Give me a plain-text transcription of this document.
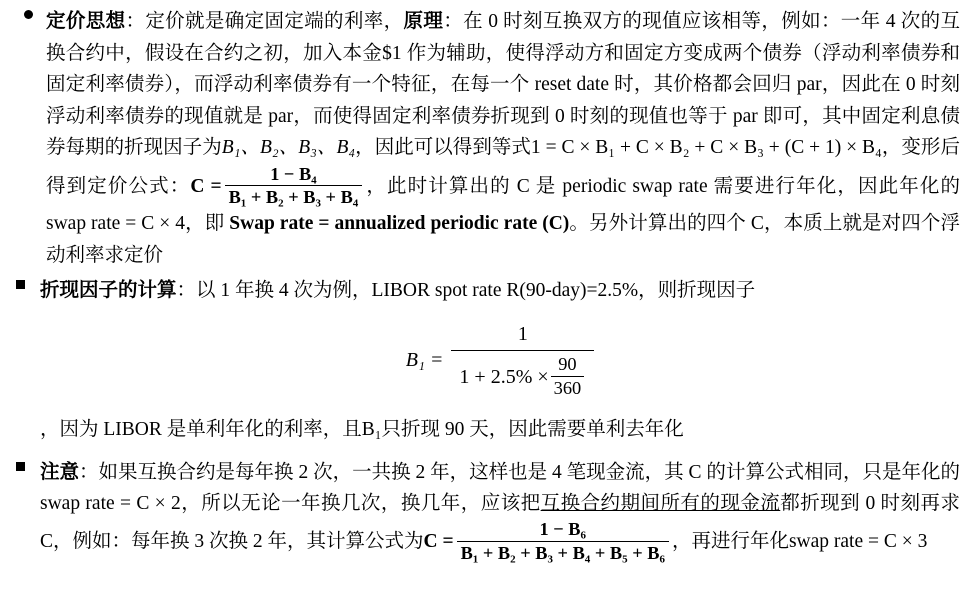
定价思想：定价就是确定固定端的利率，原理：在 0 时刻互换双方的现值应该相等，例如：一年 4 次的互换合约中，假设在合约之初，加入本金$1 作为辅助，使得浮动方和固定方变成两个债券（浮动利率债券和固定利率债券），而浮动利率债券有一个特征，在每一个 reset date 时，其价格都会回归 par，因此在 0 时刻浮动利率债券的现值就是 par，而使得固定利率债券折现到 0 时刻的现值也等于 par 即可，其中固定利息债券每期的折现因子为B₁、B₂、B₃、B₄，因此可以得到等式1 = C × B₁ + C × B₂ + C × B₃ + (C + 1) × B₄，变形后得到定价公式：$C = \frac{\text{1 − B₄}}{\text{B₁ + B₂ + B₃ + B₄}}$ ，此时计算出的 C 是 periodic swap rate 需要进行年化，因此年化的swap rate = C × 4，即 Swap rate = annualized periodic rate (C)。另外计算出的四个 C，本质上就是对四个浮动利率求定价
折现因子的计算：以 1 年换 4 次为例，LIBOR spot rate R(90-day)=2.5%，则折现因子
$B_1 = \frac{1}{1 + 2.5\% \times \frac{90}{360}}$
，因为 LIBOR 是单利年化的利率，且B₁只折现 90 天，因此需要单利去年化
注意：如果互换合约是每年换 2 次，一共换 2 年，这样也是 4 笔现金流，其 C 的计算公式相同，只是年化的swap rate = C × 2，所以无论一年换几次，换几年，应该把互换合约期间所有的现金流都折现到 0 时刻再求 C，例如：每年换 3 次换 2 年，其计算公式为$C = \frac{\text{1 − B₆}}{\text{B₁ + B₂ + B₃ + B₄ + B₅ + B₆}}$ ，再进行年化swap rate = C × 3
